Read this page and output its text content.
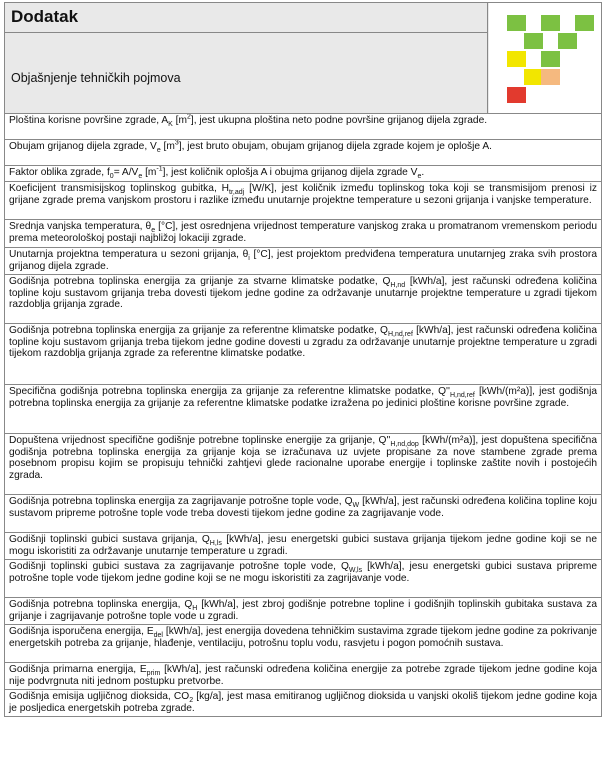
Dodatak
Objašnjenje tehničkih pojmova
Ploština korisne površine zgrade, $A_K$ $[m^2]$, jest ukupna ploština neto podne površine grijanog dijela zgrade.
Obujam grijanog dijela zgrade, $V_e$ $[m^3]$, jest bruto obujam, obujam grijanog dijela zgrade kojem je oplošje A.
Faktor oblika zgrade, $f_0= A/V_e$ $[m^{-1}]$, jest količnik oplošja A i obujma grijanog dijela zgrade $V_e$.
Koeficijent transmisijskog toplinskog gubitka, $H_{tr,adj}$ [W/K], jest količnik između toplinskog toka koji se transmisijom prenosi iz grijane zgrade prema vanjskom prostoru i razlike između unutarnje projektne temperature u sezoni grijanja i vanjske temperature.
Srednja vanjska temperatura, $\theta_e$ [°C], jest osrednjena vrijednost temperature vanjskog zraka u promatranom vremenskom periodu prema meteorološkoj postaji najbližoj lokaciji zgrade.
Unutarnja projektna temperatura u sezoni grijanja, $\theta_i$ [°C], jest projektom predviđena temperatura unutarnjeg zraka svih prostora grijanog dijela zgrade.
Godišnja potrebna toplinska energija za grijanje za stvarne klimatske podatke, $Q_{H,nd}$ [kWh/a], jest računski određena količina topline koju sustavom grijanja treba dovesti tijekom jedne godine za održavanje unutarnje projektne temperature u zgradi tijekom razdoblja grijanja zgrade.
Godišnja potrebna toplinska energija za grijanje za referentne klimatske podatke, $Q_{H,nd,ref}$ [kWh/a], jest računski određena količina topline koju sustavom grijanja treba tijekom jedne godine dovesti u zgradu za održavanje unutarnje projektne temperature u zgradi tijekom razdoblja grijanja zgrade za referentne klimatske podatke.
Specifična godišnja potrebna toplinska energija za grijanje za referentne klimatske podatke, $Q''_{H,nd,ref}$ [kWh/(m²a)], jest godišnja potrebna toplinska energija za grijanje za referentne klimatske podatke izražena po jedinici ploštine korisne površine zgrade.
Dopuštena vrijednost specifične godišnje potrebne toplinske energije za grijanje, $Q''_{H,nd,dop}$ [kWh/(m²a)], jest dopuštena specifična godišnja potrebna toplinska energija za grijanje koja se izračunava uz uvjete propisane za nove stambene zgrade prema posebnom propisu kojim se propisuju tehnički zahtjevi glede racionalne uporabe energije i toplinske zaštite novih i postojećih zgrada.
Godišnja potrebna toplinska energija za zagrijavanje potrošne tople vode, $Q_W$ [kWh/a], jest računski određena količina topline koju sustavom pripreme potrošne tople vode treba dovesti tijekom jedne godine za zagrijavanje vode.
Godišnji toplinski gubici sustava grijanja, $Q_{H,ls}$ [kWh/a], jesu energetski gubici sustava grijanja tijekom jedne godine koji se ne mogu iskoristiti za održavanje unutarnje temperature u zgradi.
Godišnji toplinski gubici sustava za zagrijavanje potrošne tople vode, $Q_{W,ls}$ [kWh/a], jesu energetski gubici sustava pripreme potrošne tople vode tijekom jedne godine koji se ne mogu iskoristiti za zagrijavanje vode.
Godišnja potrebna toplinska energija, $Q_H$ [kWh/a], jest zbroj godišnje potrebne topline i godišnjih toplinskih gubitaka sustava za grijanje i zagrijavanje potrošne tople vode u zgradi.
Godišnja isporučena energija, $E_{del}$ [kWh/a], jest energija dovedena tehničkim sustavima zgrade tijekom jedne godine za pokrivanje energetskih potreba za grijanje, hlađenje, ventilaciju, potrošnu toplu vodu, rasvjetu i pogon pomoćnih sustava.
Godišnja primarna energija, $E_{prim}$ [kWh/a], jest računski određena količina energije za potrebe zgrade tijekom jedne godine koja nije podvrgnuta niti jednom postupku pretvorbe.
Godišnja emisija ugljičnog dioksida, $CO_2$ [kg/a], jest masa emitiranog ugljičnog dioksida u vanjski okoliš tijekom jedne godine koja je posljedica energetskih potreba zgrade.
